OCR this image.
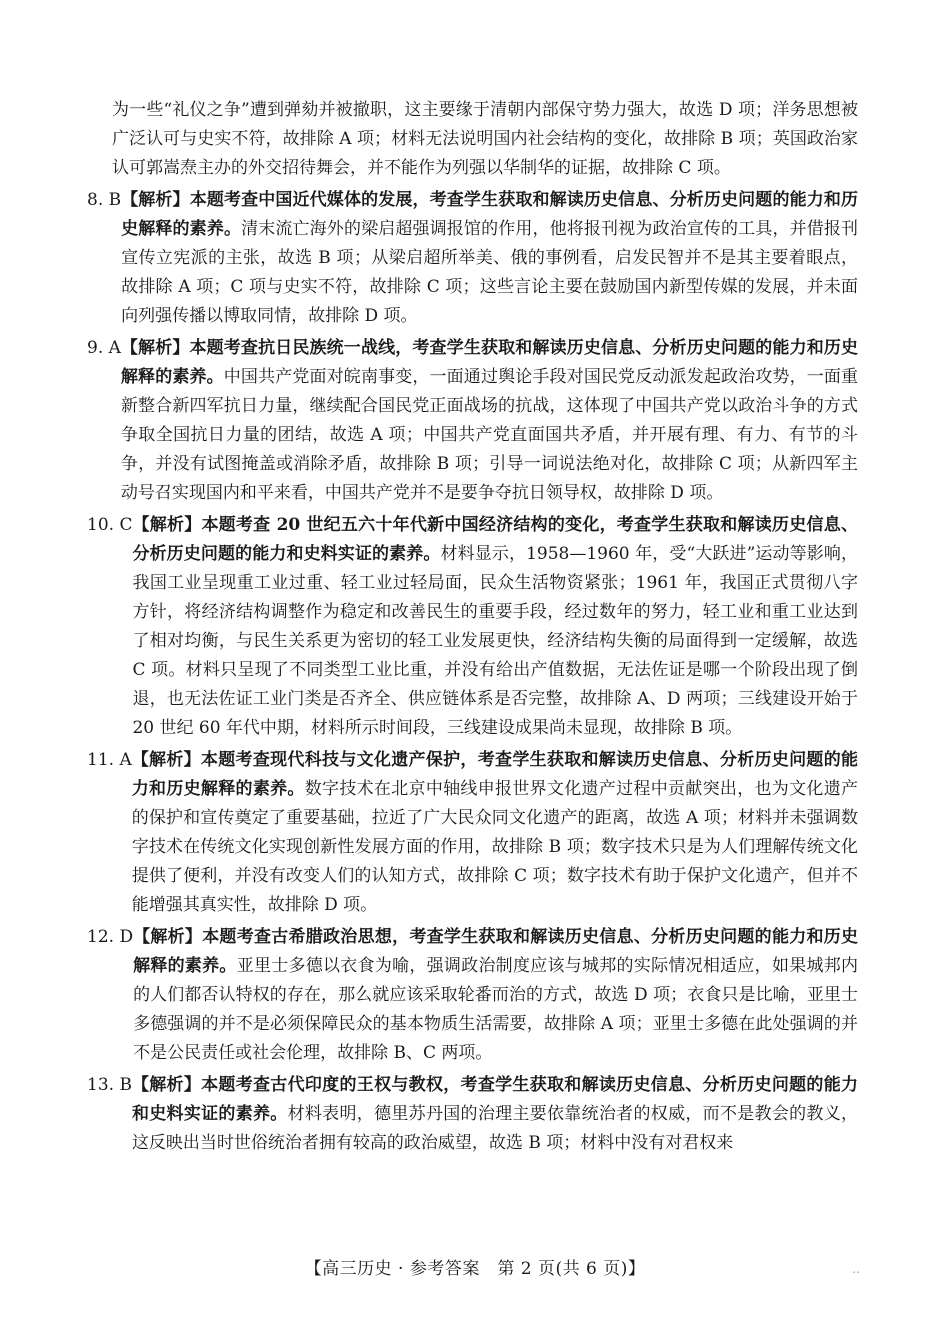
为一些“礼仪之争”遭到弹劾并被撤职，这主要缘于清朝内部保守势力强大，故选 D 项；洋务思想被广泛认可与史实不符，故排除 A 项；材料无法说明国内社会结构的变化，故排除 B 项；英国政治家认可郭嵩焘主办的外交招待舞会，并不能作为列强以华制华的证据，故排除 C 项。

8. B 【解析】本题考查中国近代媒体的发展，考查学生获取和解读历史信息、分析历史问题的能力和历史解释的素养。清末流亡海外的梁启超强调报馆的作用，他将报刊视为政治宣传的工具，并借报刊宣传立宪派的主张，故选 B 项；从梁启超所举美、俄的事例看，启发民智并不是其主要着眼点，故排除 A 项；C 项与史实不符，故排除 C 项；这些言论主要在鼓励国内新型传媒的发展，并未面向列强传播以博取同情，故排除 D 项。
9. A 【解析】本题考查抗日民族统一战线，考查学生获取和解读历史信息、分析历史问题的能力和历史解释的素养。中国共产党面对皖南事变，一面通过舆论手段对国民党反动派发起政治攻势，一面重新整合新四军抗日力量，继续配合国民党正面战场的抗战，这体现了中国共产党以政治斗争的方式争取全国抗日力量的团结，故选 A 项；中国共产党直面国共矛盾，并开展有理、有力、有节的斗争，并没有试图掩盖或消除矛盾，故排除 B 项；引导一词说法绝对化，故排除 C 项；从新四军主动号召实现国内和平来看，中国共产党并不是要争夺抗日领导权，故排除 D 项。
10. C 【解析】本题考查 20 世纪五六十年代新中国经济结构的变化，考查学生获取和解读历史信息、分析历史问题的能力和史料实证的素养。材料显示，1958—1960 年，受“大跃进”运动等影响，我国工业呈现重工业过重、轻工业过轻局面，民众生活物资紧张；1961 年，我国正式贯彻八字方针，将经济结构调整作为稳定和改善民生的重要手段，经过数年的努力，轻工业和重工业达到了相对均衡，与民生关系更为密切的轻工业发展更快，经济结构失衡的局面得到一定缓解，故选 C 项。材料只呈现了不同类型工业比重，并没有给出产值数据，无法佐证是哪一个阶段出现了倒退，也无法佐证工业门类是否齐全、供应链体系是否完整，故排除 A、D 两项；三线建设开始于 20 世纪 60 年代中期，材料所示时间段，三线建设成果尚未显现，故排除 B 项。
11. A 【解析】本题考查现代科技与文化遗产保护，考查学生获取和解读历史信息、分析历史问题的能力和历史解释的素养。数字技术在北京中轴线申报世界文化遗产过程中贡献突出，也为文化遗产的保护和宣传奠定了重要基础，拉近了广大民众同文化遗产的距离，故选 A 项；材料并未强调数字技术在传统文化实现创新性发展方面的作用，故排除 B 项；数字技术只是为人们理解传统文化提供了便利，并没有改变人们的认知方式，故排除 C 项；数字技术有助于保护文化遗产，但并不能增强其真实性，故排除 D 项。
12. D 【解析】本题考查古希腊政治思想，考查学生获取和解读历史信息、分析历史问题的能力和历史解释的素养。亚里士多德以衣食为喻，强调政治制度应该与城邦的实际情况相适应，如果城邦内的人们都否认特权的存在，那么就应该采取轮番而治的方式，故选 D 项；衣食只是比喻，亚里士多德强调的并不是必须保障民众的基本物质生活需要，故排除 A 项；亚里士多德在此处强调的并不是公民责任或社会伦理，故排除 B、C 两项。
13. B 【解析】本题考查古代印度的王权与教权，考查学生获取和解读历史信息、分析历史问题的能力和史料实证的素养。材料表明，德里苏丹国的治理主要依靠统治者的权威，而不是教会的教义，这反映出当时世俗统治者拥有较高的政治威望，故选 B 项；材料中没有对君权来
【高三历史 · 参考答案　第 2 页(共 6 页)】	..
